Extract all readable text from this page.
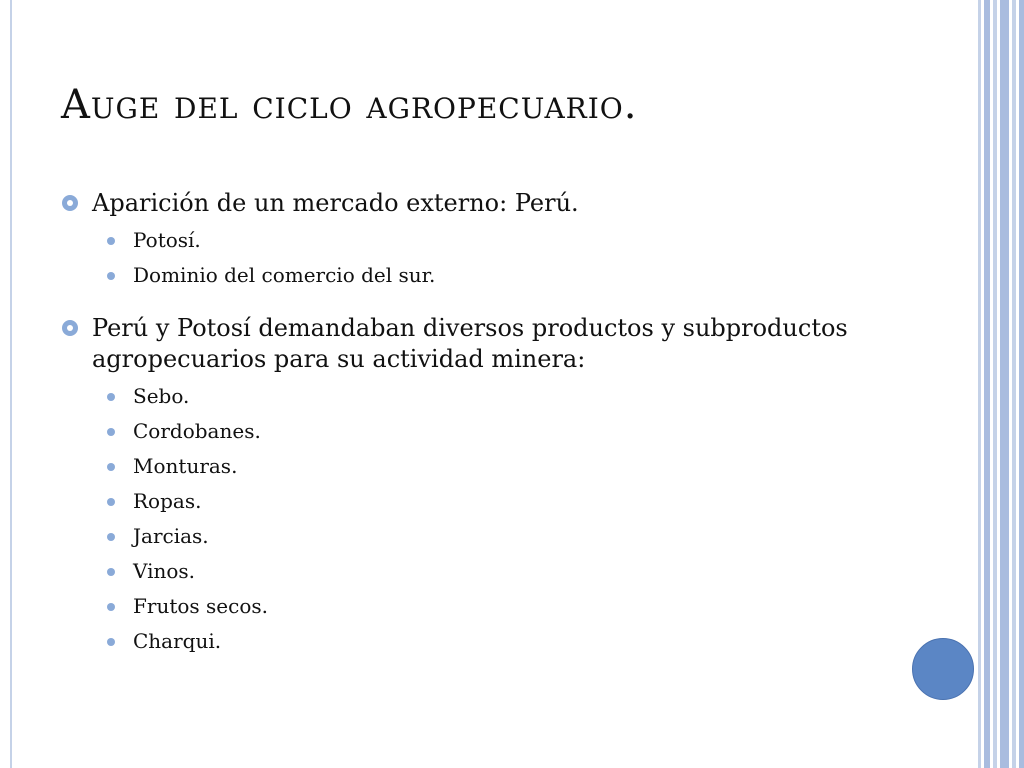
Auge del ciclo agropecuario.
Aparición de un mercado externo: Perú.
Potosí.
Dominio del comercio del sur.
Perú y Potosí demandaban diversos productos y subproductos agropecuarios para su actividad minera:
Sebo.
Cordobanes.
Monturas.
Ropas.
Jarcias.
Vinos.
Frutos secos.
Charqui.
